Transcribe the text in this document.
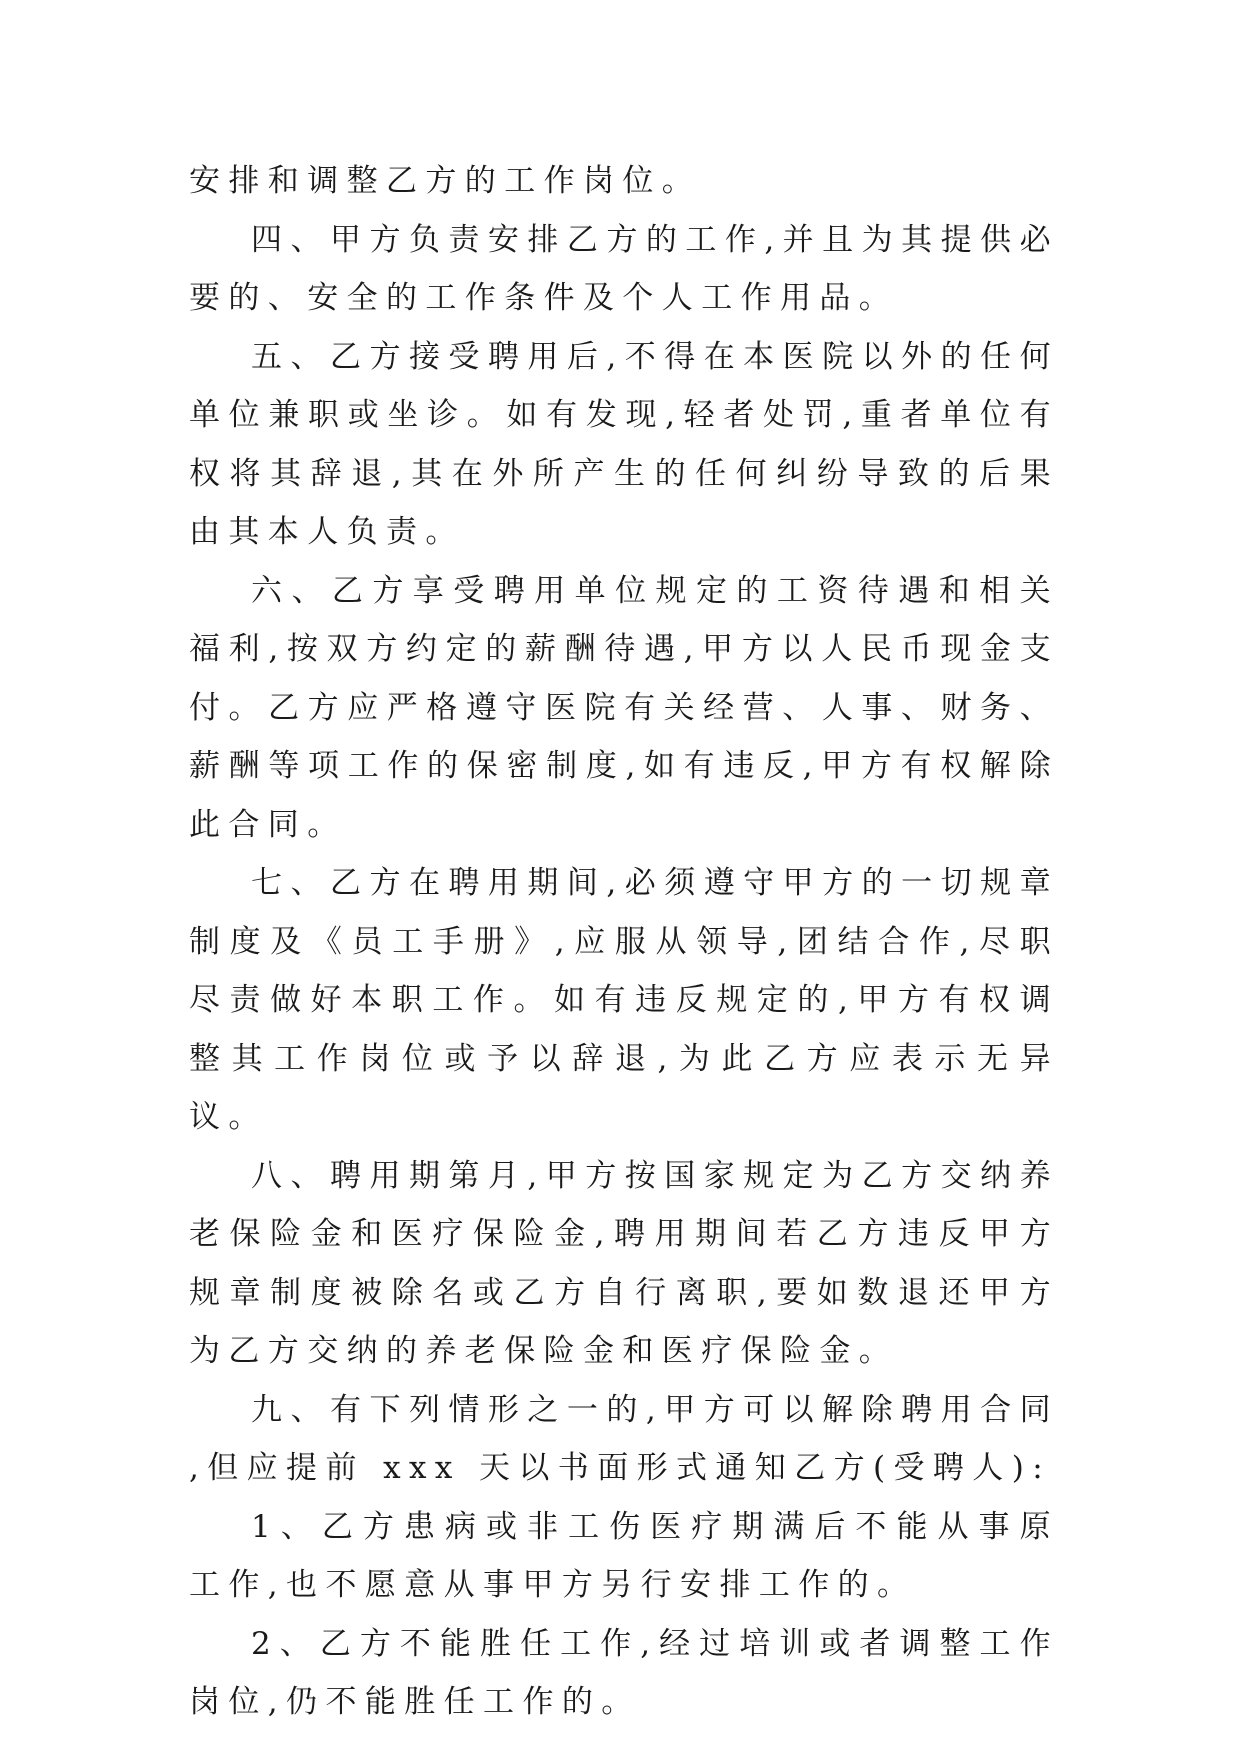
安排和调整乙方的工作岗位。

四、甲方负责安排乙方的工作,并且为其提供必要的、安全的工作条件及个人工作用品。

五、乙方接受聘用后,不得在本医院以外的任何单位兼职或坐诊。如有发现,轻者处罚,重者单位有权将其辞退,其在外所产生的任何纠纷导致的后果由其本人负责。

六、乙方享受聘用单位规定的工资待遇和相关福利,按双方约定的薪酬待遇,甲方以人民币现金支付。乙方应严格遵守医院有关经营、人事、财务、薪酬等项工作的保密制度,如有违反,甲方有权解除此合同。

七、乙方在聘用期间,必须遵守甲方的一切规章制度及《员工手册》,应服从领导,团结合作,尽职尽责做好本职工作。如有违反规定的,甲方有权调整其工作岗位或予以辞退,为此乙方应表示无异议。

八、聘用期第月,甲方按国家规定为乙方交纳养老保险金和医疗保险金,聘用期间若乙方违反甲方规章制度被除名或乙方自行离职,要如数退还甲方为乙方交纳的养老保险金和医疗保险金。

九、有下列情形之一的,甲方可以解除聘用合同 ,但应提前 xxx 天以书面形式通知乙方(受聘人):

1、乙方患病或非工伤医疗期满后不能从事原工作,也不愿意从事甲方另行安排工作的。

2、乙方不能胜任工作,经过培训或者调整工作岗位,仍不能胜任工作的。
